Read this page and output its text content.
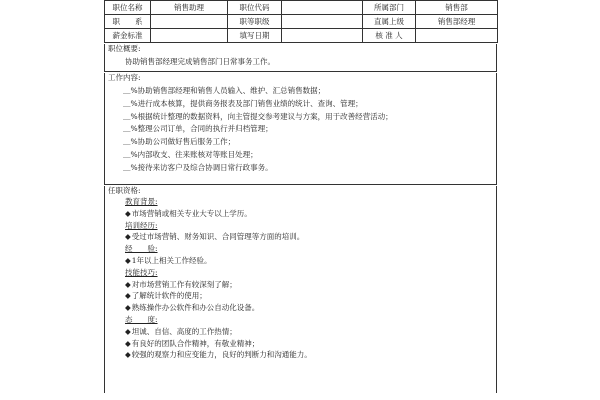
职位名称	销售助理	职位代码		所属部门	销售部
职　　系		职等职级		直属上级	销售部经理
薪金标准		填写日期		核 准 人	
职位概要:
协助销售部经理完成销售部门日常事务工作。
工作内容:
＿%协助销售部经理和销售人员输入、维护、汇总销售数据；
＿%进行成本核算，提供商务报表及部门销售业绩的统计、查询、管理；
＿%根据统计整理的数据资料，向主管提交参考建议与方案，用于改善经营活动；
＿%整理公司订单，合同的执行并归档管理；
＿%协助公司做好售后服务工作；
＿%内部收支、往来账核对等账目处理；
＿%接待来访客户及综合协调日常行政事务。
任职资格:
教育背景:
◆市场营销或相关专业大专以上学历。
培训经历:
◆受过市场营销、财务知识、合同管理等方面的培训。
经　　验:
◆1年以上相关工作经验。
技能技巧:
◆对市场营销工作有较深刻了解；
◆了解统计软件的使用；
◆熟练操作办公软件和办公自动化设备。
态　　度:
◆坦诚、自信、高度的工作热情；
◆有良好的团队合作精神，有敬业精神；
◆较强的观察力和应变能力，良好的判断力和沟通能力。
